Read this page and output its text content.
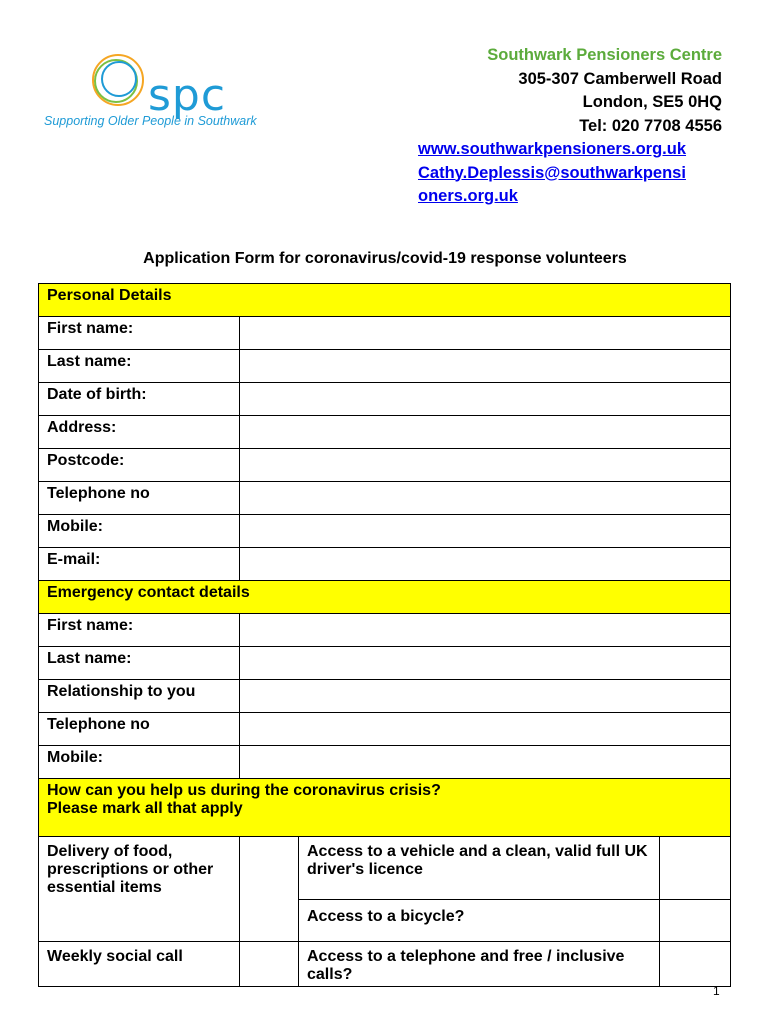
spc
Supporting Older People in Southwark
Southwark Pensioners Centre
305-307 Camberwell Road
London, SE5 0HQ
Tel: 020 7708 4556
www.southwarkpensioners.org.uk
Cathy.Deplessis@southwarkpensi
oners.org.uk
Application Form for coronavirus/covid-19 response volunteers
Personal Details			
First name:			
Last name:			
Date of birth:			
Address:			
Postcode:			
Telephone no			
Mobile:			
E-mail:			
Emergency contact details			
First name:			
Last name:			
Relationship to you			
Telephone no			
Mobile:			

How can you help us during the coronavirus crisis?
Please mark all that apply			

Delivery of food, prescriptions or other essential items		Access to a vehicle and a clean, valid full UK driver's licence	
		Access to a bicycle?	
Weekly social call		Access to a telephone and free / inclusive calls?	
1
